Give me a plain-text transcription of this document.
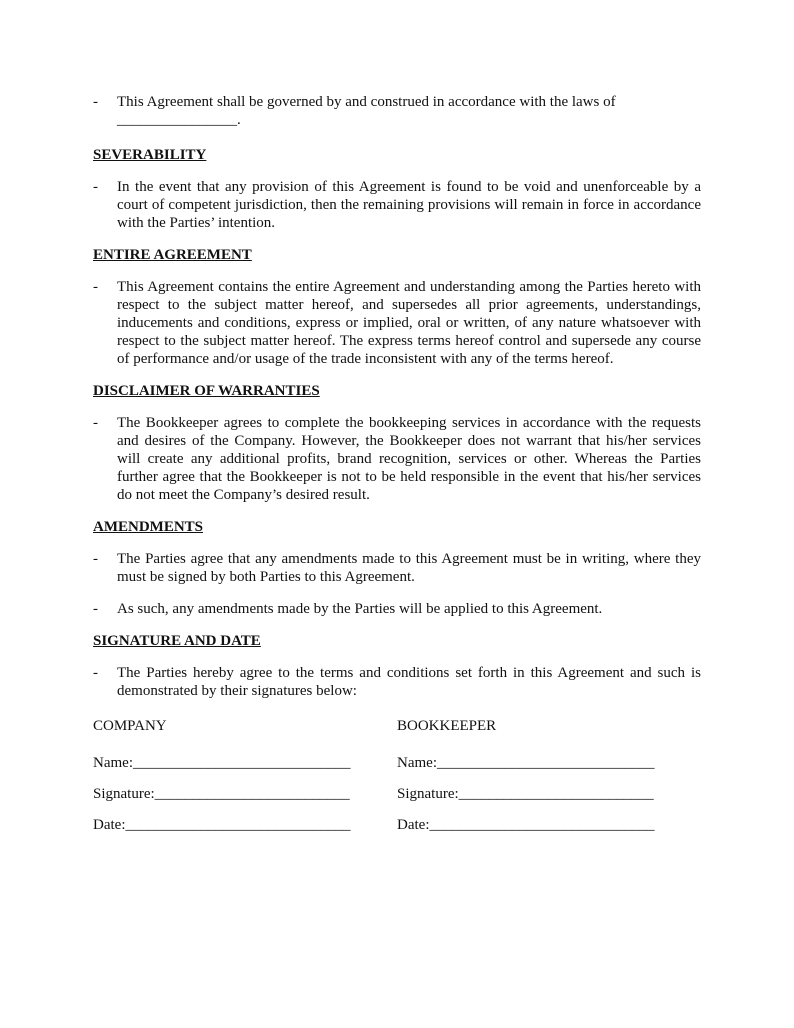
- This Agreement shall be governed by and construed in accordance with the laws of
________________.

SEVERABILITY

- In the event that any provision of this Agreement is found to be void and unenforceable by a court of competent jurisdiction, then the remaining provisions will remain in force in accordance with the Parties’ intention.

ENTIRE AGREEMENT

- This Agreement contains the entire Agreement and understanding among the Parties hereto with respect to the subject matter hereof, and supersedes all prior agreements, understandings, inducements and conditions, express or implied, oral or written, of any nature whatsoever with respect to the subject matter hereof. The express terms hereof control and supersede any course of performance and/or usage of the trade inconsistent with any of the terms hereof.

DISCLAIMER OF WARRANTIES

- The Bookkeeper agrees to complete the bookkeeping services in accordance with the requests and desires of the Company. However, the Bookkeeper does not warrant that his/her services will create any additional profits, brand recognition, services or other. Whereas the Parties further agree that the Bookkeeper is not to be held responsible in the event that his/her services do not meet the Company’s desired result.

AMENDMENTS

- The Parties agree that any amendments made to this Agreement must be in writing, where they must be signed by both Parties to this Agreement.

- As such, any amendments made by the Parties will be applied to this Agreement.

SIGNATURE AND DATE

- The Parties hereby agree to the terms and conditions set forth in this Agreement and such is demonstrated by their signatures below:

COMPANY
Name:_____________________________
Signature:__________________________
Date:______________________________
BOOKKEEPER
Name:_____________________________
Signature:__________________________
Date:______________________________
